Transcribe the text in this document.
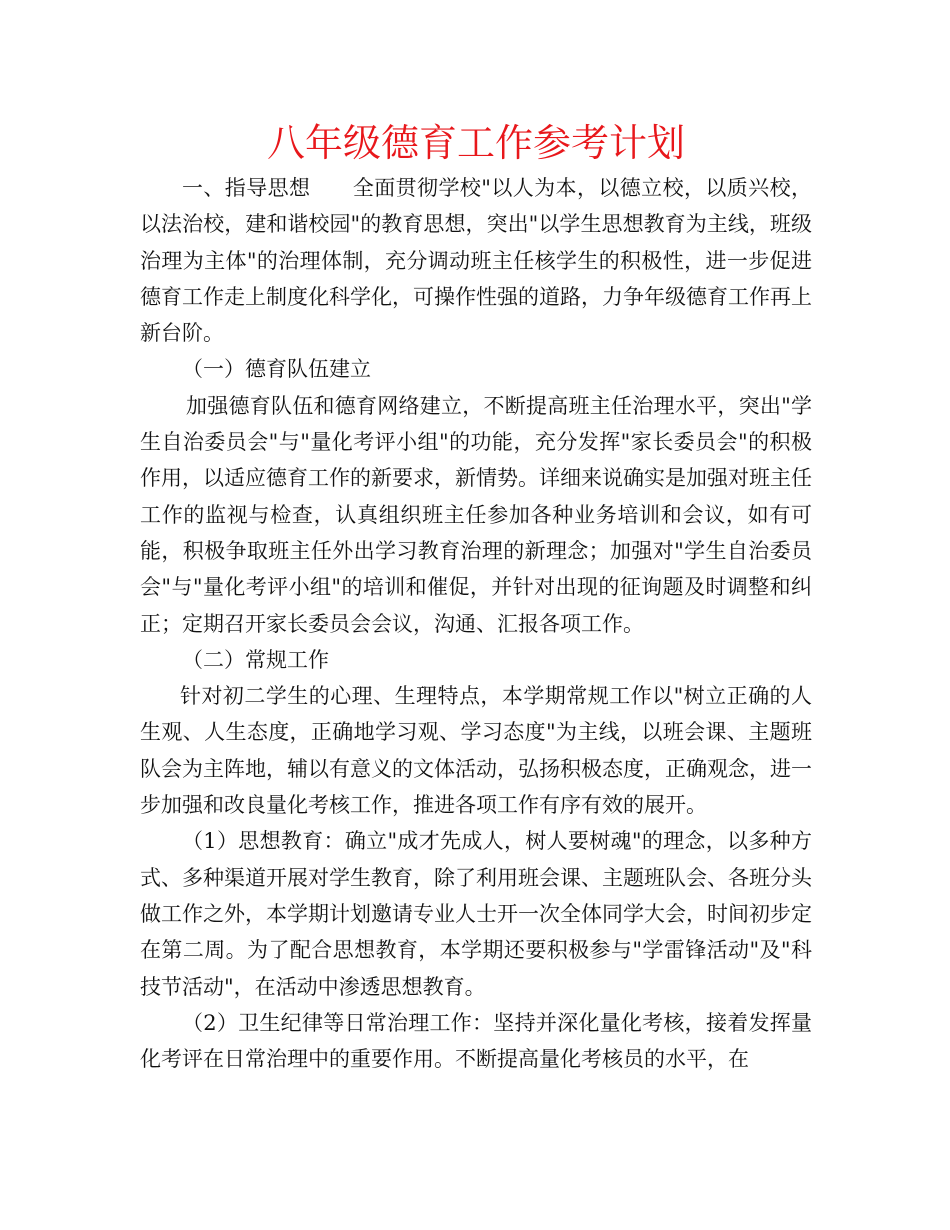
八年级德育工作参考计划

一、指导思想 全面贯彻学校"以人为本，以德立校，以质兴校，以法治校，建和谐校园"的教育思想，突出"以学生思想教育为主线，班级治理为主体"的治理体制，充分调动班主任核学生的积极性，进一步促进德育工作走上制度化科学化，可操作性强的道路，力争年级德育工作再上新台阶。

（一）德育队伍建立

加强德育队伍和德育网络建立，不断提高班主任治理水平，突出"学生自治委员会"与"量化考评小组"的功能，充分发挥"家长委员会"的积极作用，以适应德育工作的新要求，新情势。详细来说确实是加强对班主任工作的监视与检查，认真组织班主任参加各种业务培训和会议，如有可能，积极争取班主任外出学习教育治理的新理念；加强对"学生自治委员会"与"量化考评小组"的培训和催促，并针对出现的征询题及时调整和纠正；定期召开家长委员会会议，沟通、汇报各项工作。

（二）常规工作

针对初二学生的心理、生理特点，本学期常规工作以"树立正确的人生观、人生态度，正确地学习观、学习态度"为主线，以班会课、主题班队会为主阵地，辅以有意义的文体活动，弘扬积极态度，正确观念，进一步加强和改良量化考核工作，推进各项工作有序有效的展开。

（1）思想教育：确立"成才先成人，树人要树魂"的理念，以多种方式、多种渠道开展对学生教育，除了利用班会课、主题班队会、各班分头做工作之外，本学期计划邀请专业人士开一次全体同学大会，时间初步定在第二周。为了配合思想教育，本学期还要积极参与"学雷锋活动"及"科技节活动"，在活动中渗透思想教育。

（2）卫生纪律等日常治理工作：坚持并深化量化考核，接着发挥量化考评在日常治理中的重要作用。不断提高量化考核员的水平，在
